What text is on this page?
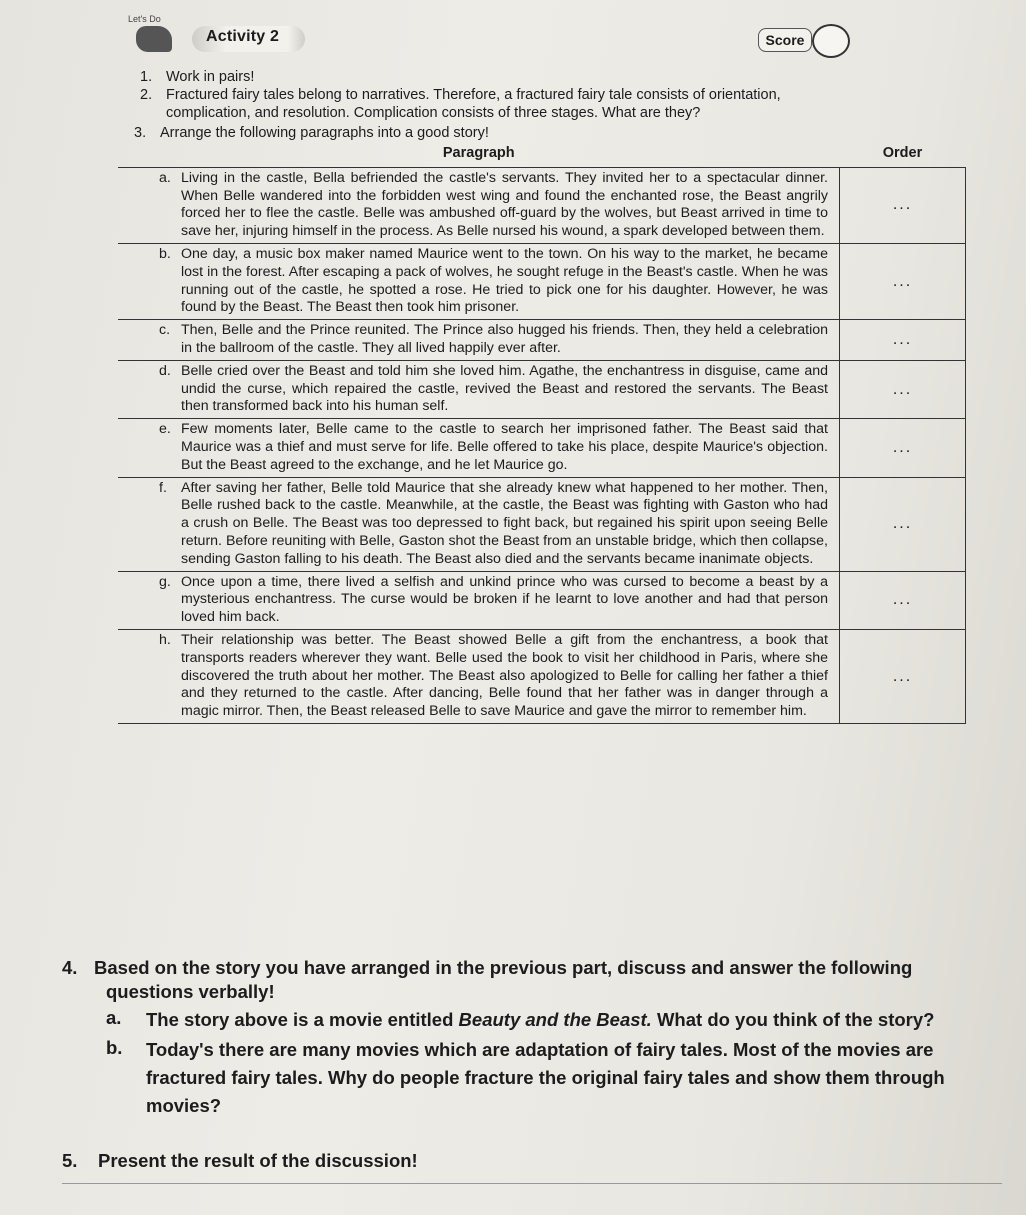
Let's Do
Activity 2	Score
1. Work in pairs!
2. Fractured fairy tales belong to narratives. Therefore, a fractured fairy tale consists of orientation,
complication, and resolution. Complication consists of three stages. What are they?
3. Arrange the following paragraphs into a good story!
Paragraph	Order

a. Living in the castle, Bella befriended the castle's servants. They invited her to a spectacular dinner. When Belle wandered into the forbidden west wing and found the enchanted rose, the Beast angrily forced her to flee the castle. Belle was ambushed off-guard by the wolves, but Beast arrived in time to save her, injuring himself in the process. As Belle nursed his wound, a spark developed between them.	...

b. One day, a music box maker named Maurice went to the town. On his way to the market, he became lost in the forest. After escaping a pack of wolves, he sought refuge in the Beast's castle. When he was running out of the castle, he spotted a rose. He tried to pick one for his daughter. However, he was found by the Beast. The Beast then took him prisoner.	...

c. Then, Belle and the Prince reunited. The Prince also hugged his friends. Then, they held a celebration in the ballroom of the castle. They all lived happily ever after.	...

d. Belle cried over the Beast and told him she loved him. Agathe, the enchantress in disguise, came and undid the curse, which repaired the castle, revived the Beast and restored the servants. The Beast then transformed back into his human self.	...

e. Few moments later, Belle came to the castle to search her imprisoned father. The Beast said that Maurice was a thief and must serve for life. Belle offered to take his place, despite Maurice's objection. But the Beast agreed to the exchange, and he let Maurice go.	...

f. After saving her father, Belle told Maurice that she already knew what happened to her mother. Then, Belle rushed back to the castle. Meanwhile, at the castle, the Beast was fighting with Gaston who had a crush on Belle. The Beast was too depressed to fight back, but regained his spirit upon seeing Belle return. Before reuniting with Belle, Gaston shot the Beast from an unstable bridge, which then collapse, sending Gaston falling to his death. The Beast also died and the servants became inanimate objects.	...

g. Once upon a time, there lived a selfish and unkind prince who was cursed to become a beast by a mysterious enchantress. The curse would be broken if he learnt to love another and had that person loved him back.	...

h. Their relationship was better. The Beast showed Belle a gift from the enchantress, a book that transports readers wherever they want. Belle used the book to visit her childhood in Paris, where she discovered the truth about her mother. The Beast also apologized to Belle for calling her father a thief and they returned to the castle. After dancing, Belle found that her father was in danger through a magic mirror. Then, the Beast released Belle to save Maurice and gave the mirror to remember him.	...
4. Based on the story you have arranged in the previous part, discuss and answer the following
questions verbally!
a.	The story above is a movie entitled Beauty and the Beast. What do you think of the story?
b.	Today's there are many movies which are adaptation of fairy tales. Most of the movies are fractured fairy tales. Why do people fracture the original fairy tales and show them through movies?
5. Present the result of the discussion!
